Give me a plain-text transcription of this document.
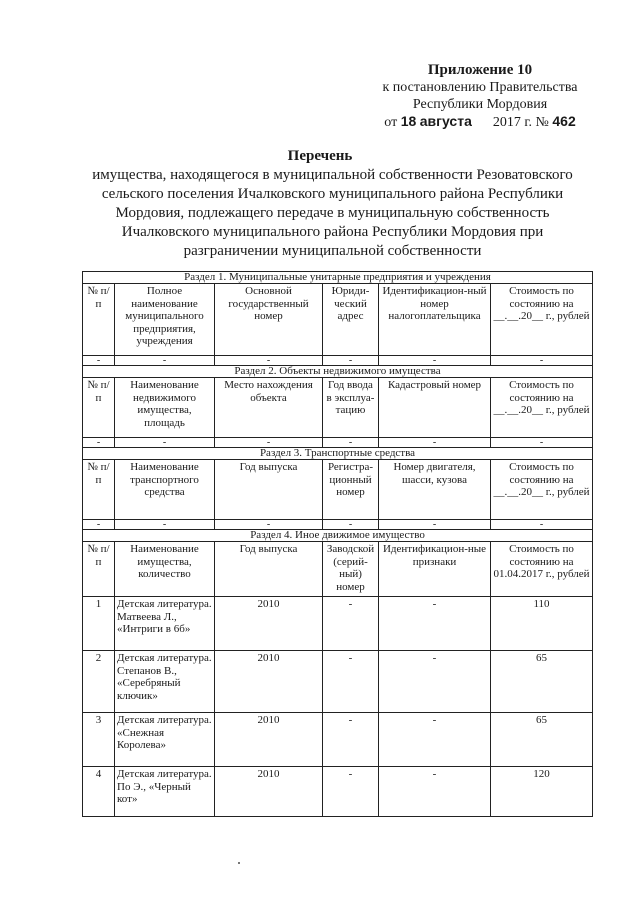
Приложение 10
к постановлению Правительства
Республики Мордовия
от 18 августа 2017 г. № 462
Перечень
имущества, находящегося в муниципальной собственности Резоватовского сельского поселения Ичалковского муниципального района Республики Мордовия, подлежащего передаче в муниципальную собственность Ичалковского муниципального района Республики Мордовия при разграничении муниципальной собственности
Раздел 1. Муниципальные унитарные предприятия и учреждения					
№ п/п	Полное наименование муниципального предприятия, учреждения	Основной государственный номер	Юриди-ческий адрес	Идентификацион-ный номер налогоплательщика	Стоимость по состоянию на __.__.20__ г., рублей
-	-	-	-	-	-
Раздел 2. Объекты недвижимого имущества					
№ п/п	Наименование недвижимого имущества, площадь	Место нахождения объекта	Год ввода в эксплуа-тацию	Кадастровый номер	Стоимость по состоянию на __.__.20__ г., рублей
-	-	-	-	-	-
Раздел 3. Транспортные средства					
№ п/п	Наименование транспортного средства	Год выпуска	Регистра-ционный номер	Номер двигателя, шасси, кузова	Стоимость по состоянию на __.__.20__ г., рублей
-	-	-	-	-	-
Раздел 4. Иное движимое имущество					
№ п/п	Наименование имущества, количество	Год выпуска	Заводской (серий-ный) номер	Идентификацион-ные признаки	Стоимость по состоянию на 01.04.2017 г., рублей
1	Детская литература. Матвеева Л., «Интриги в 6б»	2010	-	-	110
2	Детская литература. Степанов В., «Серебряный ключик»	2010	-	-	65
3	Детская литература. «Снежная Королева»	2010	-	-	65
4	Детская литература. По Э., «Черный кот»	2010	-	-	120
